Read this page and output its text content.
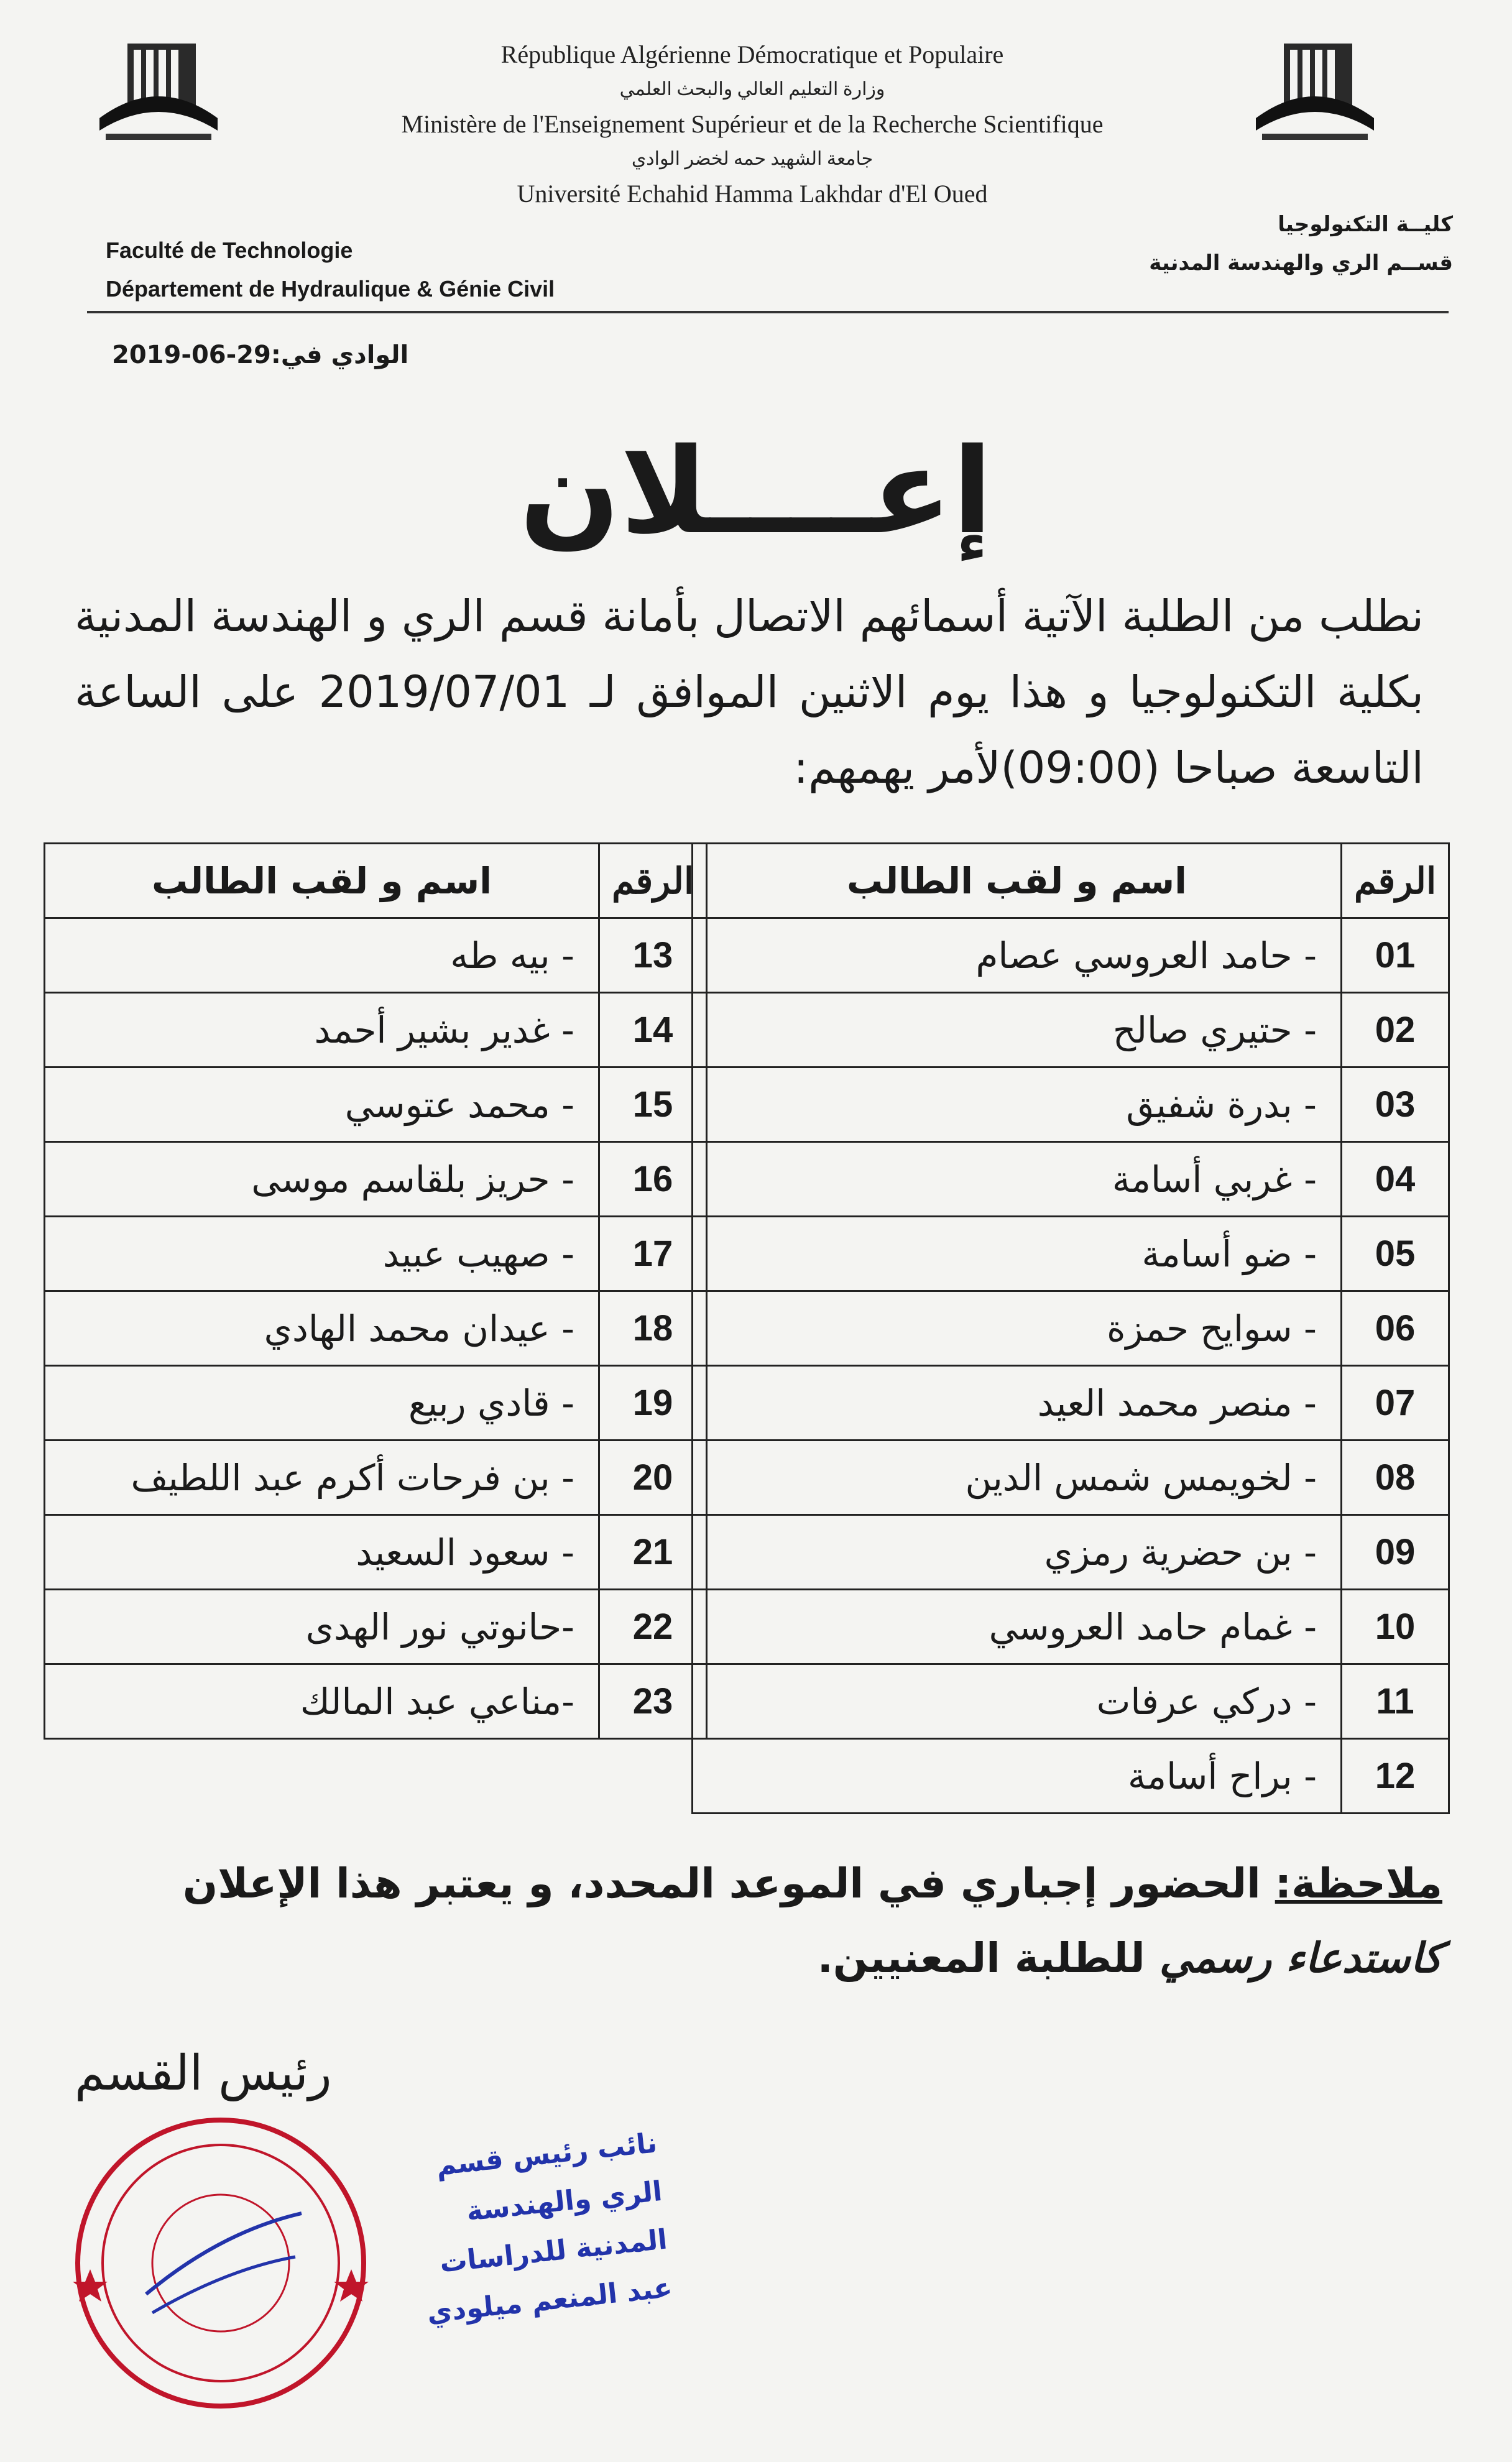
République Algérienne Démocratique et Populaire
وزارة التعليم العالي والبحث العلمي
Ministère de l'Enseignement Supérieur et de la Recherche Scientifique
جامعة الشهيد حمه لخضر الوادي
Université Echahid Hamma Lakhdar d'El Oued
Faculté de Technologie
Département de Hydraulique & Génie Civil
كليــة التكنولوجيا
قســم الري والهندسة المدنية
الوادي في:29-06-2019
إعــــلان
نطلب من الطلبة الآتية أسمائهم الاتصال بأمانة قسم الري و الهندسة المدنية بكلية التكنولوجيا و هذا يوم الاثنين الموافق لـ 2019/07/01 على الساعة التاسعة صباحا (09:00)لأمر يهمهم:
الرقم	اسم و لقب الطالب
01	- حامد العروسي عصام
02	- حتيري صالح
03	- بدرة شفيق
04	- غربي أسامة
05	- ضو أسامة
06	- سوايح حمزة
07	- منصر محمد العيد
08	- لخويمس شمس الدين
09	- بن حضرية رمزي
10	- غمام حامد العروسي
11	- دركي عرفات
12	- براح أسامة
الرقم	اسم و لقب الطالب
13	- بيه طه
14	- غدير بشير أحمد
15	- محمد عتوسي
16	- حريز بلقاسم موسى
17	- صهيب عبيد
18	- عيدان محمد الهادي
19	- قادي ربيع
20	- بن فرحات أكرم عبد اللطيف
21	- سعود السعيد
22	-حانوتي نور الهدى
23	-مناعي عبد المالك
ملاحظة: الحضور إجباري في الموعد المحدد، و يعتبر هذا الإعلان كاستدعاء رسمي للطلبة المعنيين.
رئيس القسم
نائب رئيس قسم الري والهندسة
المدنية للدراسات
عبد المنعم ميلودي
